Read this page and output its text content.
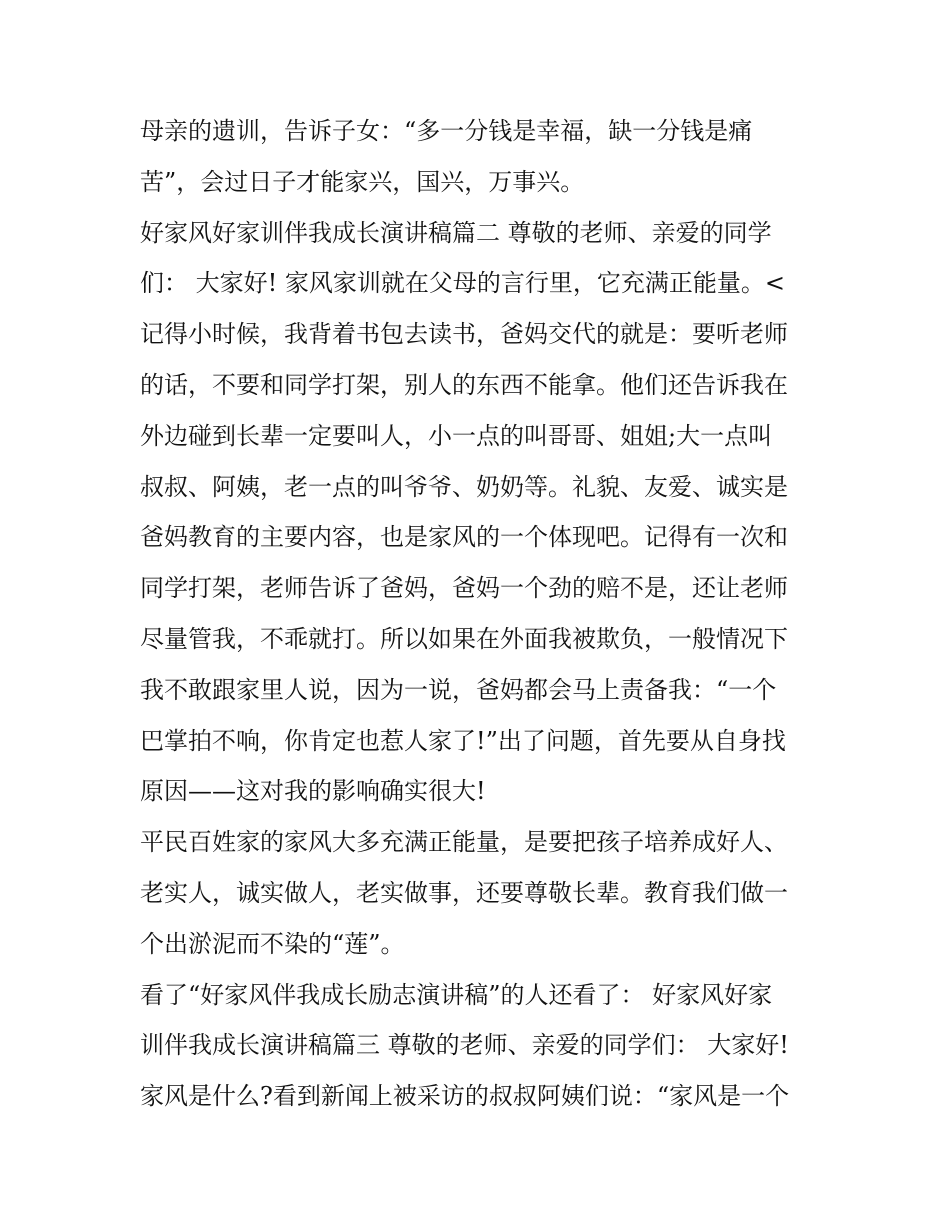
母亲的遗训，告诉子女：“多一分钱是幸福，缺一分钱是痛
苦”，会过日子才能家兴，国兴，万事兴。
好家风好家训伴我成长演讲稿篇二 尊敬的老师、亲爱的同学
们： 大家好! 家风家训就在父母的言行里，它充满正能量。<
记得小时候，我背着书包去读书，爸妈交代的就是：要听老师
的话，不要和同学打架，别人的东西不能拿。他们还告诉我在
外边碰到长辈一定要叫人，小一点的叫哥哥、姐姐;大一点叫
叔叔、阿姨，老一点的叫爷爷、奶奶等。礼貌、友爱、诚实是
爸妈教育的主要内容，也是家风的一个体现吧。记得有一次和
同学打架，老师告诉了爸妈，爸妈一个劲的赔不是，还让老师
尽量管我，不乖就打。所以如果在外面我被欺负，一般情况下
我不敢跟家里人说，因为一说，爸妈都会马上责备我：“一个
巴掌拍不响，你肯定也惹人家了!”出了问题，首先要从自身找
原因——这对我的影响确实很大!
平民百姓家的家风大多充满正能量，是要把孩子培养成好人、
老实人，诚实做人，老实做事，还要尊敬长辈。教育我们做一
个出淤泥而不染的“莲”。
看了“好家风伴我成长励志演讲稿”的人还看了： 好家风好家
训伴我成长演讲稿篇三 尊敬的老师、亲爱的同学们： 大家好!
家风是什么?看到新闻上被采访的叔叔阿姨们说：“家风是一个
